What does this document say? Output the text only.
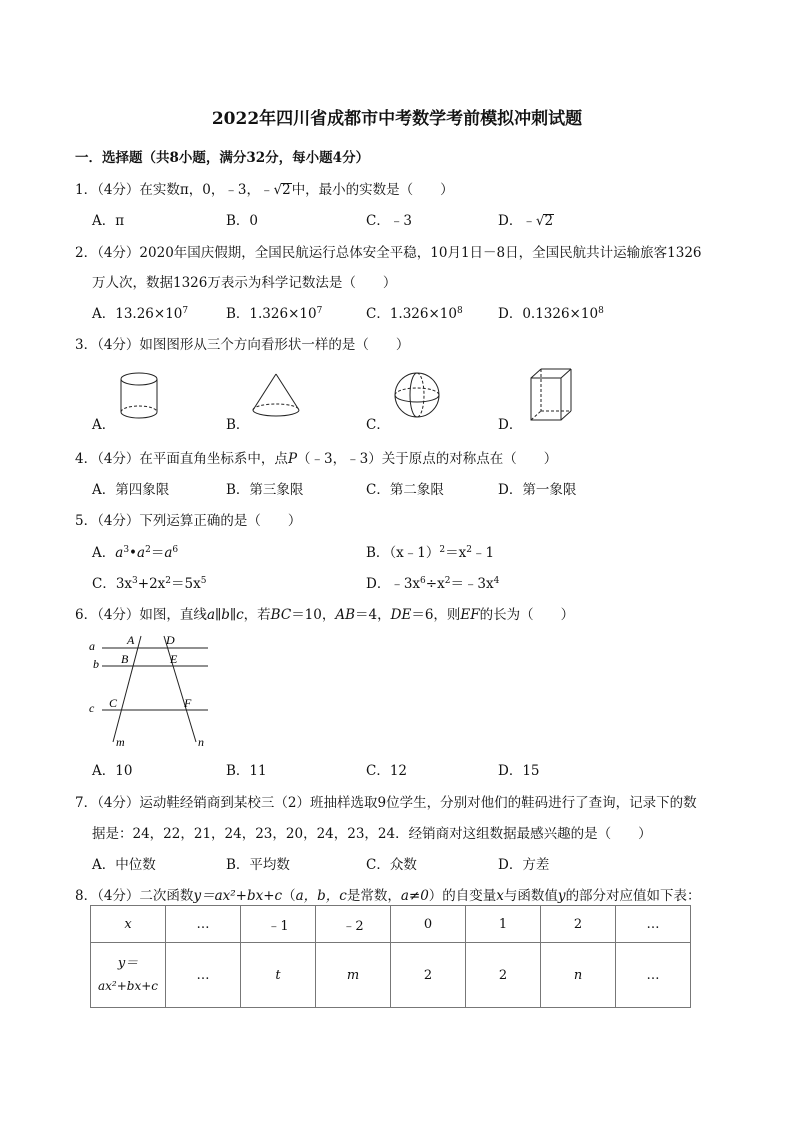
2022年四川省成都市中考数学考前模拟冲刺试题
一．选择题（共8小题，满分32分，每小题4分）
1．（4分）在实数π，0，﹣3，﹣√2中，最小的实数是（　　）
A．π	B．0	C．﹣3	D．﹣√2
2．（4分）2020年国庆假期，全国民航运行总体安全平稳，10月1日－8日，全国民航共计运输旅客1326
万人次，数据1326万表示为科学记数法是（　　）
A．$13.26\times 10^7$	B．$1.326\times 10^7$	C．$1.326\times 10^8$	D．$0.1326\times 10^8$
3．（4分）如图图形从三个方向看形状一样的是（　　）
A．	B．	C．	D．
4．（4分）在平面直角坐标系中，点P（﹣3，﹣3）关于原点的对称点在（　　）
A．第四象限	B．第三象限	C．第二象限	D．第一象限
5．（4分）下列运算正确的是（　　）
A．$a^3•a^2=a^6$	B．$(x﹣1)^2=x^2﹣1$
C．$3x^3+2x^2=5x^5$	D．$﹣3x^6\div x^2=﹣3x^4$
6．（4分）如图，直线a∥b∥c，若BC＝10，AB＝4，DE＝6，则EF的长为（　　）
a
b
c
A
B
C
D
E
F
m	n
A．10	B．11	C．12	D．15
7．（4分）运动鞋经销商到某校三（2）班抽样选取9位学生，分别对他们的鞋码进行了查询，记录下的数
据是：24，22，21，24，23，20，24，23，24．经销商对这组数据最感兴趣的是（　　）
A．中位数	B．平均数	C．众数	D．方差
8．（4分）二次函数y＝ax²+bx+c（a，b，c是常数，a≠0）的自变量x与函数值y的部分对应值如下表：
x	…	﹣1	﹣2	0	1	2	…
y＝
ax²+bx+c	…	t	m	2	2	n	…
